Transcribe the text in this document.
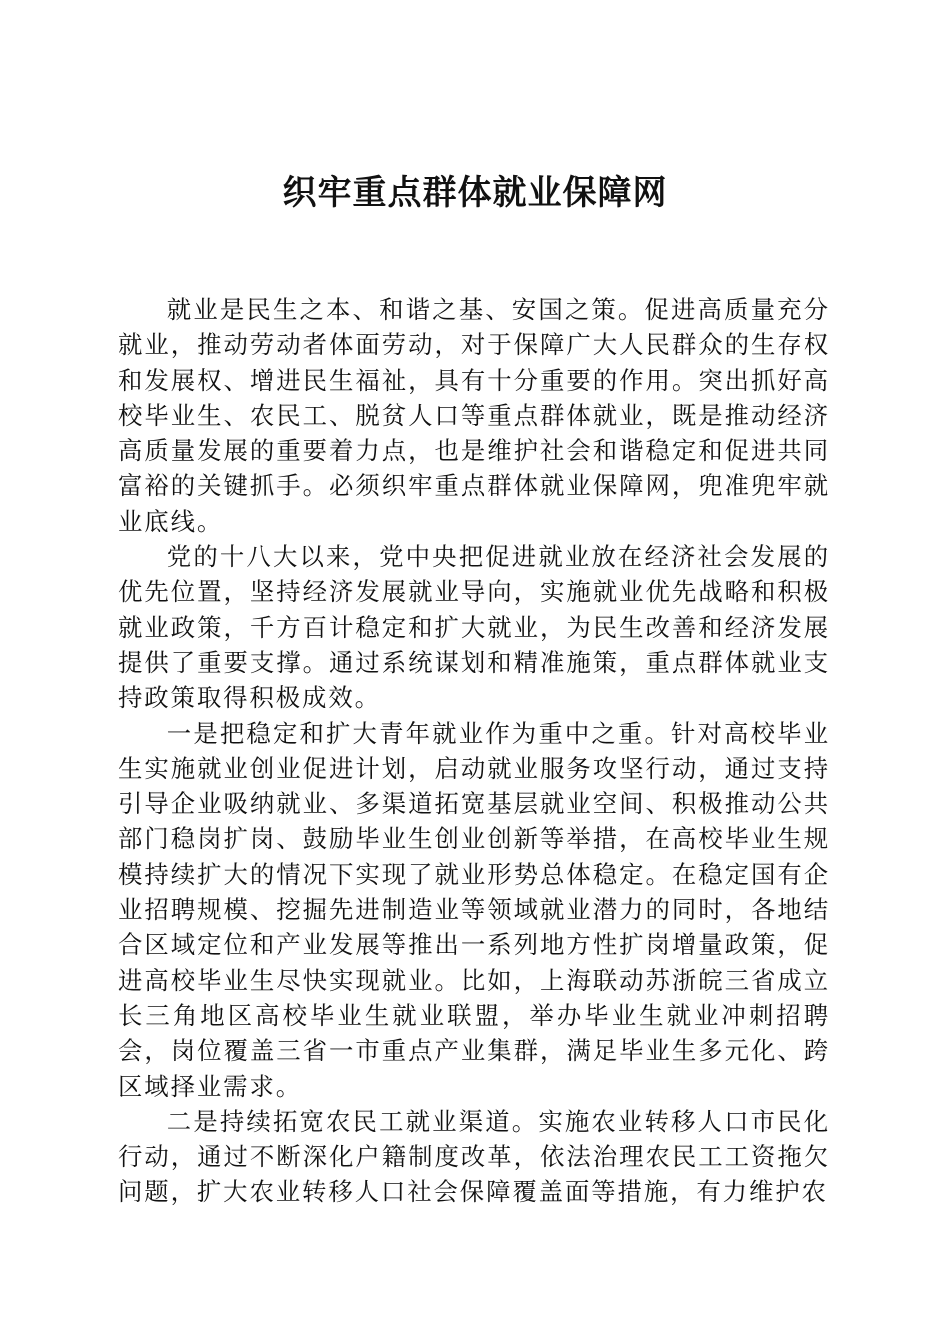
织牢重点群体就业保障网

就业是民生之本、和谐之基、安国之策。促进高质量充分就业，推动劳动者体面劳动，对于保障广大人民群众的生存权和发展权、增进民生福祉，具有十分重要的作用。突出抓好高校毕业生、农民工、脱贫人口等重点群体就业，既是推动经济高质量发展的重要着力点，也是维护社会和谐稳定和促进共同富裕的关键抓手。必须织牢重点群体就业保障网，兜准兜牢就业底线。

党的十八大以来，党中央把促进就业放在经济社会发展的优先位置，坚持经济发展就业导向，实施就业优先战略和积极就业政策，千方百计稳定和扩大就业，为民生改善和经济发展提供了重要支撑。通过系统谋划和精准施策，重点群体就业支持政策取得积极成效。

一是把稳定和扩大青年就业作为重中之重。针对高校毕业生实施就业创业促进计划，启动就业服务攻坚行动，通过支持引导企业吸纳就业、多渠道拓宽基层就业空间、积极推动公共部门稳岗扩岗、鼓励毕业生创业创新等举措，在高校毕业生规模持续扩大的情况下实现了就业形势总体稳定。在稳定国有企业招聘规模、挖掘先进制造业等领域就业潜力的同时，各地结合区域定位和产业发展等推出一系列地方性扩岗增量政策，促进高校毕业生尽快实现就业。比如，上海联动苏浙皖三省成立长三角地区高校毕业生就业联盟，举办毕业生就业冲刺招聘会，岗位覆盖三省一市重点产业集群，满足毕业生多元化、跨区域择业需求。

二是持续拓宽农民工就业渠道。实施农业转移人口市民化行动，通过不断深化户籍制度改革，依法治理农民工工资拖欠问题，扩大农业转移人口社会保障覆盖面等措施，有力维护农
